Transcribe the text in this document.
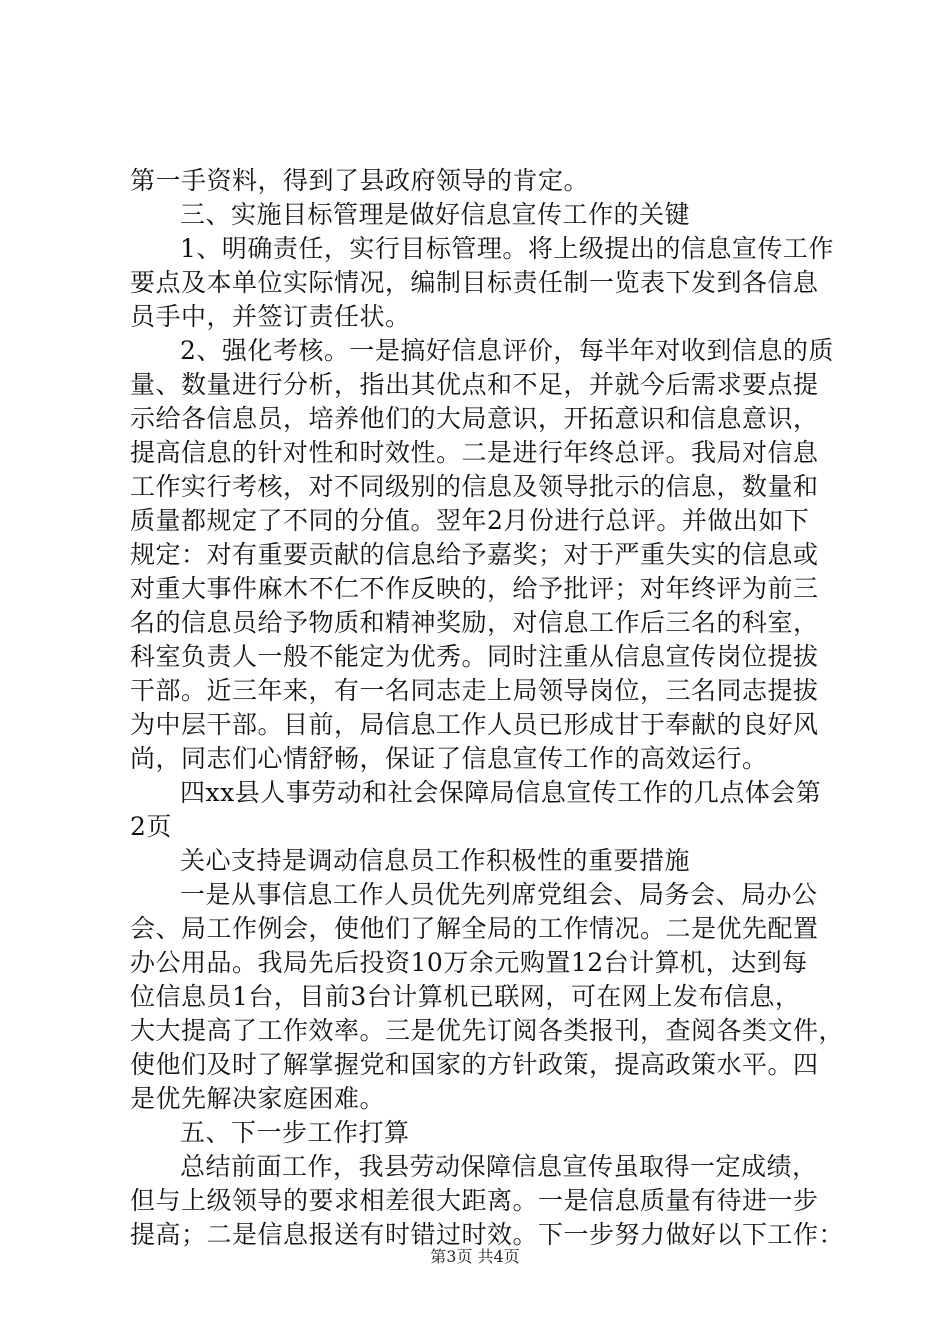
第一手资料，得到了县政府领导的肯定。
三、实施目标管理是做好信息宣传工作的关键
1、明确责任，实行目标管理。将上级提出的信息宣传工作
要点及本单位实际情况，编制目标责任制一览表下发到各信息
员手中，并签订责任状。
2、强化考核。一是搞好信息评价，每半年对收到信息的质
量、数量进行分析，指出其优点和不足，并就今后需求要点提
示给各信息员，培养他们的大局意识，开拓意识和信息意识，
提高信息的针对性和时效性。二是进行年终总评。我局对信息
工作实行考核，对不同级别的信息及领导批示的信息，数量和
质量都规定了不同的分值。翌年2月份进行总评。并做出如下
规定：对有重要贡献的信息给予嘉奖；对于严重失实的信息或
对重大事件麻木不仁不作反映的，给予批评；对年终评为前三
名的信息员给予物质和精神奖励，对信息工作后三名的科室，
科室负责人一般不能定为优秀。同时注重从信息宣传岗位提拔
干部。近三年来，有一名同志走上局领导岗位，三名同志提拔
为中层干部。目前，局信息工作人员已形成甘于奉献的良好风
尚，同志们心情舒畅，保证了信息宣传工作的高效运行。
四xx县人事劳动和社会保障局信息宣传工作的几点体会第
2页
关心支持是调动信息员工作积极性的重要措施
一是从事信息工作人员优先列席党组会、局务会、局办公
会、局工作例会，使他们了解全局的工作情况。二是优先配置
办公用品。我局先后投资10万余元购置12台计算机，达到每
位信息员1台，目前3台计算机已联网，可在网上发布信息，
大大提高了工作效率。三是优先订阅各类报刊，查阅各类文件，
使他们及时了解掌握党和国家的方针政策，提高政策水平。四
是优先解决家庭困难。
五、下一步工作打算
总结前面工作，我县劳动保障信息宣传虽取得一定成绩，
但与上级领导的要求相差很大距离。一是信息质量有待进一步
提高；二是信息报送有时错过时效。下一步努力做好以下工作：
第3页 共4页
